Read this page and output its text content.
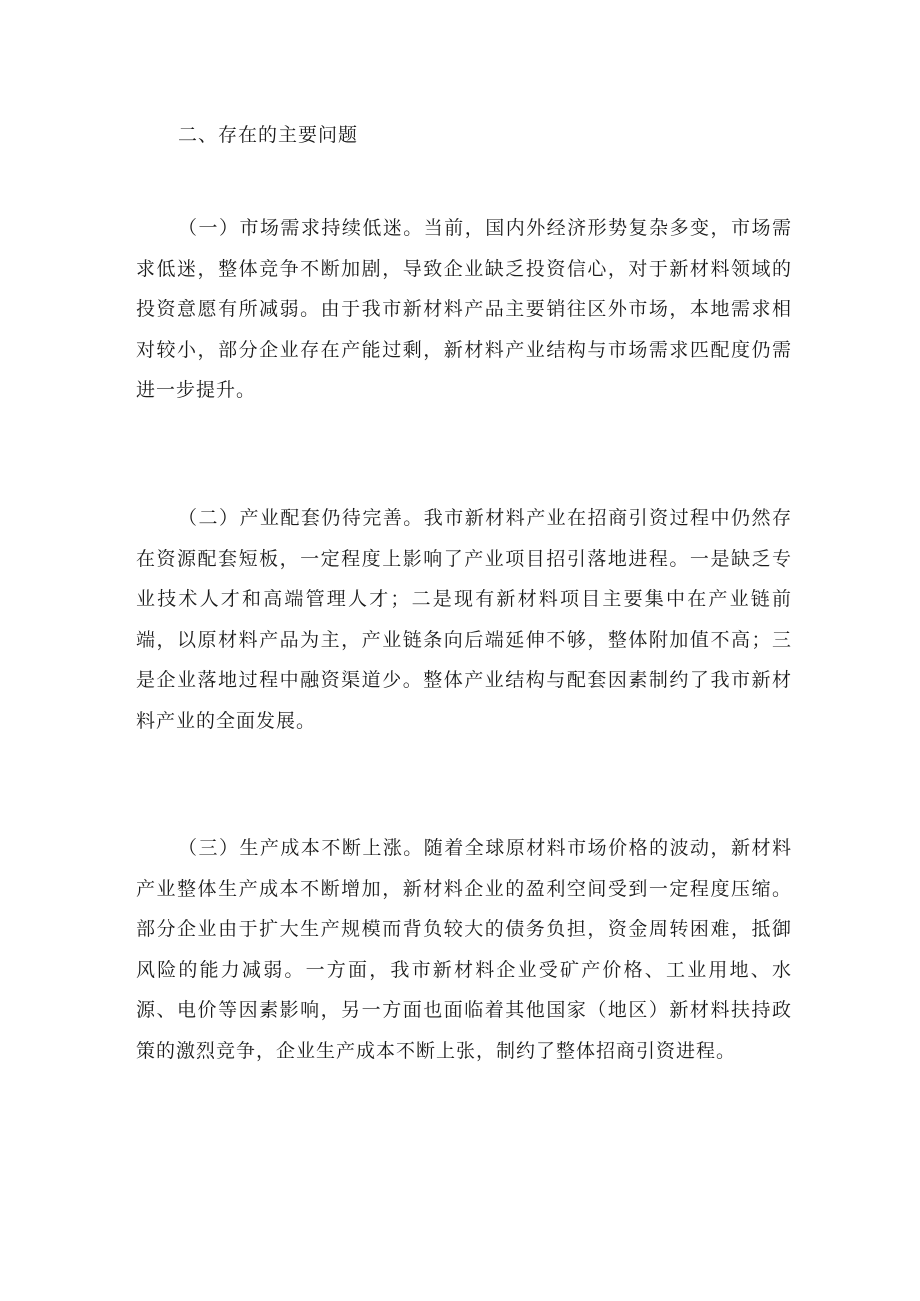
二、存在的主要问题

（一）市场需求持续低迷。当前，国内外经济形势复杂多变，市场需求低迷，整体竞争不断加剧，导致企业缺乏投资信心，对于新材料领域的投资意愿有所减弱。由于我市新材料产品主要销往区外市场，本地需求相对较小，部分企业存在产能过剩，新材料产业结构与市场需求匹配度仍需进一步提升。

（二）产业配套仍待完善。我市新材料产业在招商引资过程中仍然存在资源配套短板，一定程度上影响了产业项目招引落地进程。一是缺乏专业技术人才和高端管理人才；二是现有新材料项目主要集中在产业链前端，以原材料产品为主，产业链条向后端延伸不够，整体附加值不高；三是企业落地过程中融资渠道少。整体产业结构与配套因素制约了我市新材料产业的全面发展。

（三）生产成本不断上涨。随着全球原材料市场价格的波动，新材料产业整体生产成本不断增加，新材料企业的盈利空间受到一定程度压缩。部分企业由于扩大生产规模而背负较大的债务负担，资金周转困难，抵御风险的能力减弱。一方面，我市新材料企业受矿产价格、工业用地、水源、电价等因素影响，另一方面也面临着其他国家（地区）新材料扶持政策的激烈竞争，企业生产成本不断上张，制约了整体招商引资进程。
